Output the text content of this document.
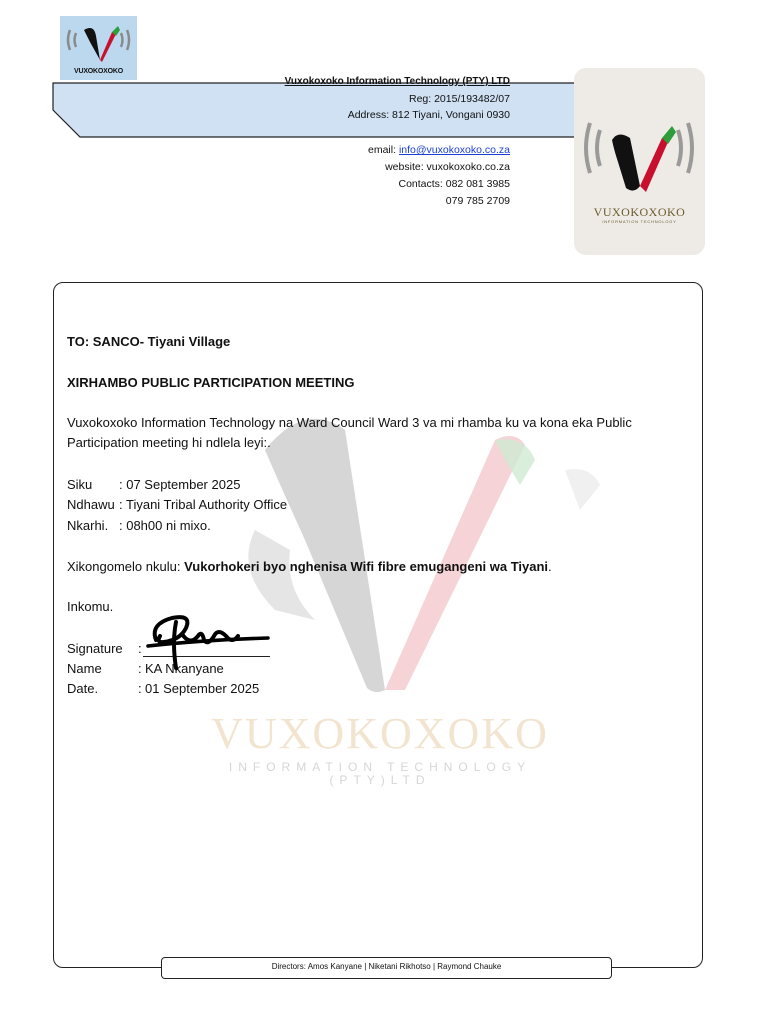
VUXOKOXOKO
Vuxokoxoko Information Technology (PTY) LTD
Reg: 2015/193482/07
Address: 812 Tiyani, Vongani 0930
email: info@vuxokoxoko.co.za
website: vuxokoxoko.co.za
Contacts: 082 081 3985
079 785 2709
VUXOKOXOKO
INFORMATION TECHNOLOGY
VUXOKOXOKO
INFORMATION TECHNOLOGY
(PTY)LTD
TO: SANCO- Tiyani Village
XIRHAMBO PUBLIC PARTICIPATION MEETING
Vuxokoxoko Information Technology na Ward Council Ward 3 va mi rhamba ku va kona eka Public Participation meeting hi ndlela leyi:.
Siku : 07 September 2025
Ndhawu : Tiyani Tribal Authority Office
Nkarhi. : 08h00 ni mixo.
Xikongomelo nkulu: Vukorhokeri byo nghenisa Wifi fibre emugangeni wa Tiyani.
Inkomu.
Signature :
Name	: KA Nkanyane
Date.	: 01 September 2025
Directors: Amos Kanyane | Niketani Rikhotso | Raymond Chauke
